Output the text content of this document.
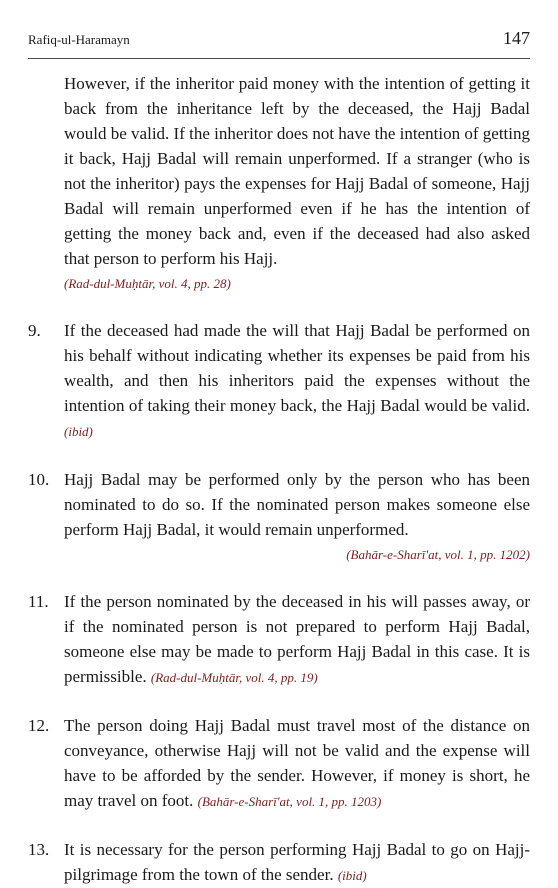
Rafiq-ul-Haramayn	147
However, if the inheritor paid money with the intention of getting it back from the inheritance left by the deceased, the Hajj Badal would be valid. If the inheritor does not have the intention of getting it back, Hajj Badal will remain unperformed. If a stranger (who is not the inheritor) pays the expenses for Hajj Badal of someone, Hajj Badal will remain unperformed even if he has the intention of getting the money back and, even if the deceased had also asked that person to perform his Hajj.
(Rad-dul-Muḥtār, vol. 4, pp. 28)
9.	If the deceased had made the will that Hajj Badal be performed on his behalf without indicating whether its expenses be paid from his wealth, and then his inheritors paid the expenses without the intention of taking their money back, the Hajj Badal would be valid. (ibid)
10. Hajj Badal may be performed only by the person who has been nominated to do so. If the nominated person makes someone else perform Hajj Badal, it would remain unperformed.
(Bahār-e-Sharī'at, vol. 1, pp. 1202)
11. If the person nominated by the deceased in his will passes away, or if the nominated person is not prepared to perform Hajj Badal, someone else may be made to perform Hajj Badal in this case. It is permissible. (Rad-dul-Muḥtār, vol. 4, pp. 19)
12. The person doing Hajj Badal must travel most of the distance on conveyance, otherwise Hajj will not be valid and the expense will have to be afforded by the sender. However, if money is short, he may travel on foot. (Bahār-e-Sharī'at, vol. 1, pp. 1203)
13. It is necessary for the person performing Hajj Badal to go on Hajj-pilgrimage from the town of the sender. (ibid)
